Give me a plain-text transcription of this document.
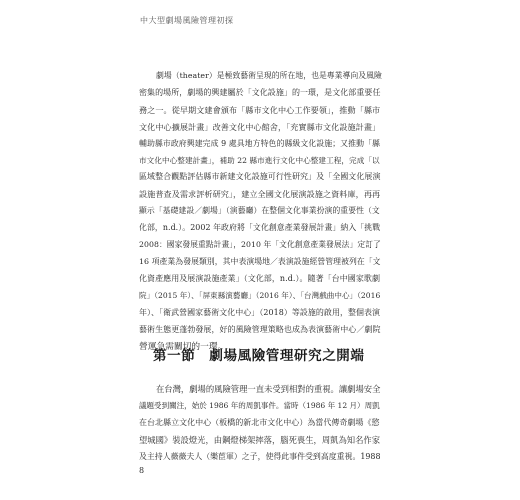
中大型劇場風險管理初探

劇場（theater）是極致藝術呈現的所在地，也是專業導向及風險

密集的場所，劇場的興建屬於「文化設施」的一環，是文化部重要任

務之一。從早期文建會頒布「縣市文化中心工作要領」，推動「縣市

文化中心擴展計畫」改善文化中心館舍，「充實縣市文化設施計畫」

輔助縣市政府興建完成 9 處具地方特色的縣級文化設施；又推動「縣

市文化中心整建計畫」，補助 22 縣市進行文化中心整建工程，完成「以

區域整合觀點評估縣市新建文化設施可行性研究」及「全國文化展演

設施普查及需求評析研究」，建立全國文化展演設施之資料庫，再再

顯示「基礎建設／劇場」（演藝廳）在整個文化事業扮演的重要性（文

化部，n.d.）。2002 年政府將「文化創意產業發展計畫」納入「挑戰

2008：國家發展重點計畫」，2010 年「文化創意產業發展法」定訂了

16 項產業為發展類別，其中表演場地／表演設施經營管理被列在「文

化資產應用及展演設施產業」（文化部，n.d.）。隨著「台中國家歌劇

院」（2015 年）、「屏東縣演藝廳」（2016 年）、「台灣戲曲中心」（2016

年）、「衛武營國家藝術文化中心」（2018）等設施的啟用，整個表演

藝術生態更蓬勃發展，好的風險管理策略也成為表演藝術中心／劇院

營運急需關切的一環。

第一節　劇場風險管理研究之開端

在台灣，劇場的風險管理一直未受到相對的重視。讓劇場安全

議題受到關注，始於 1986 年的周凱事件。當時（1986 年 12 月）周凱

在台北縣立文化中心（板橋的新北市文化中心）為當代傳奇劇場《慾

望城國》裝設燈光，由鋼燈梯架摔落，腦死喪生，周凱為知名作家

及主持人薇薇夫人（樂茞軍）之子，使得此事件受到高度重視。1988

8
